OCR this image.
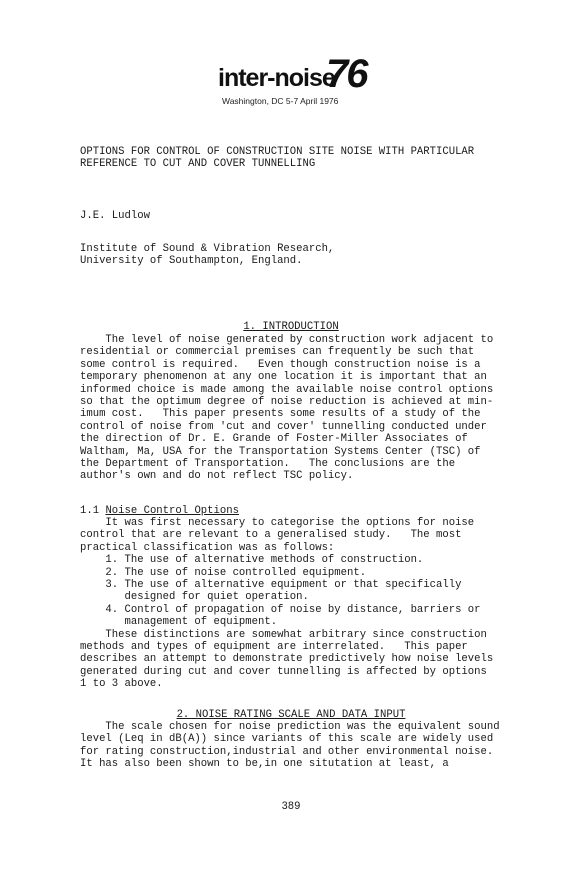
inter-noise
76
Washington, DC 5-7 April 1976
OPTIONS FOR CONTROL OF CONSTRUCTION SITE NOISE WITH PARTICULAR
REFERENCE TO CUT AND COVER TUNNELLING
J.E. Ludlow
Institute of Sound & Vibration Research,
University of Southampton, England.
1. INTRODUCTION
The level of noise generated by construction work adjacent to
residential or commercial premises can frequently be such that
some control is required.   Even though construction noise is a
temporary phenomenon at any one location it is important that an
informed choice is made among the available noise control options
so that the optimum degree of noise reduction is achieved at min-
imum cost.   This paper presents some results of a study of the
control of noise from 'cut and cover' tunnelling conducted under
the direction of Dr. E. Grande of Foster-Miller Associates of
Waltham, Ma, USA for the Transportation Systems Center (TSC) of
the Department of Transportation.   The conclusions are the
author's own and do not reflect TSC policy.
1.1 Noise Control Options
It was first necessary to categorise the options for noise
control that are relevant to a generalised study.   The most
practical classification was as follows:
1. The use of alternative methods of construction.
2. The use of noise controlled equipment.
3. The use of alternative equipment or that specifically
designed for quiet operation.
4. Control of propagation of noise by distance, barriers or
management of equipment.
These distinctions are somewhat arbitrary since construction
methods and types of equipment are interrelated.   This paper
describes an attempt to demonstrate predictively how noise levels
generated during cut and cover tunnelling is affected by options
1 to 3 above.
2. NOISE RATING SCALE AND DATA INPUT
The scale chosen for noise prediction was the equivalent sound
level (Leq in dB(A)) since variants of this scale are widely used
for rating construction,industrial and other environmental noise.
It has also been shown to be,in one situtation at least, a
389
